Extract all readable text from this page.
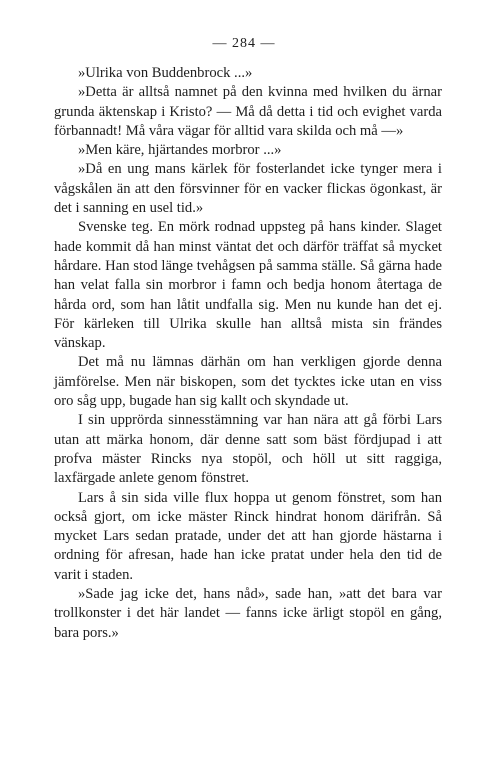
— 284 —

»Ulrika von Buddenbrock ...»

»Detta är alltså namnet på den kvinna med hvilken du ärnar grunda äktenskap i Kristo? — Må då detta i tid och evighet varda förbannadt! Må våra vägar för alltid vara skilda och må —»

»Men käre, hjärtandes morbror ...»

»Då en ung mans kärlek för fosterlandet icke tynger mera i vågskålen än att den försvinner för en vacker flickas ögonkast, är det i sanning en usel tid.»

Svenske teg. En mörk rodnad uppsteg på hans kinder. Slaget hade kommit då han minst väntat det och därför träffat så mycket hårdare. Han stod länge tvehågsen på samma ställe. Så gärna hade han velat falla sin morbror i famn och bedja honom återtaga de hårda ord, som han låtit undfalla sig. Men nu kunde han det ej. För kärleken till Ulrika skulle han alltså mista sin frändes vänskap.

Det må nu lämnas därhän om han verkligen gjorde denna jämförelse. Men när biskopen, som det tycktes icke utan en viss oro såg upp, bugade han sig kallt och skyndade ut.

I sin upprörda sinnesstämning var han nära att gå förbi Lars utan att märka honom, där denne satt som bäst fördjupad i att profva mäster Rincks nya stopöl, och höll ut sitt raggiga, laxfärgade anlete genom fönstret.

Lars å sin sida ville flux hoppa ut genom fönstret, som han också gjort, om icke mäster Rinck hindrat honom därifrån. Så mycket Lars sedan pratade, under det att han gjorde hästarna i ordning för afresan, hade han icke pratat under hela den tid de varit i staden.

»Sade jag icke det, hans nåd», sade han, »att det bara var trollkonster i det här landet — fanns icke ärligt stopöl en gång, bara pors.»
